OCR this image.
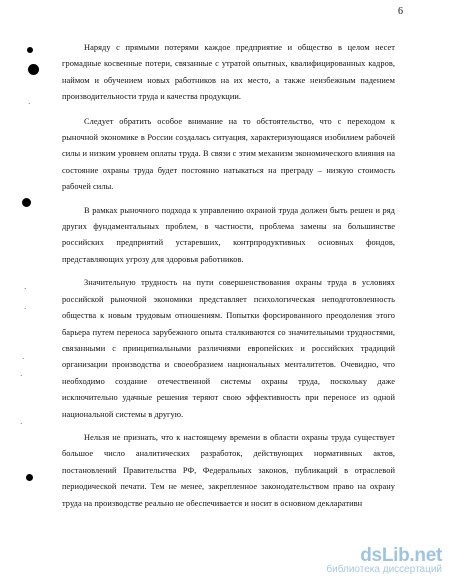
6
·
·
·
·
·
·

Наряду с прямыми потерями каждое предприятие и общество в целом несет громадные косвенные потери, связанные с утратой опытных, квалифицированных кадров, наймом и обучением новых работников на их место, а также неизбежным падением производительности труда и качества продукции.

Следует обратить особое внимание на то обстоятельство, что с переходом к рыночной экономике в России создалась ситуация, характеризующаяся изобилием рабочей силы и низким уровнем оплаты труда. В связи с этим механизм экономического влияния на состояние охраны труда будет постоянно натыкаться на преграду – низкую стоимость рабочей силы.

В рамках рыночного подхода к управлению охраной труда должен быть решен и ряд других фундаментальных проблем, в частности, проблема замены на большинстве российских предприятий устаревших, контрпродуктивных основных фондов, представляющих угрозу для здоровья работников.

Значительную трудность на пути совершенствования охраны труда в условиях российской рыночной экономики представляет психологическая неподготовленность общества к новым трудовым отношениям. Попытки форсированного преодоления этого барьера путем переноса зарубежного опыта сталкиваются со значительными трудностями, связанными с принципиальными различиями европейских и российских традиций организации производства и своеобразием национальных менталитетов. Очевидно, что необходимо создание отечественной системы охраны труда, поскольку даже исключительно удачные решения теряют свою эффективность при переносе из одной национальной системы в другую.

Нельзя не признать, что к настоящему времени в области охраны труда существует большое число аналитических разработок, действующих нормативных актов, постановлений Правительства РФ, Федеральных законов, публикаций в отраслевой периодической печати. Тем не менее, закрепленное законодательством право на охрану труда на производстве реально не обеспечивается и носит в основном декларативн

dsLib.net
библиотека диссертаций
